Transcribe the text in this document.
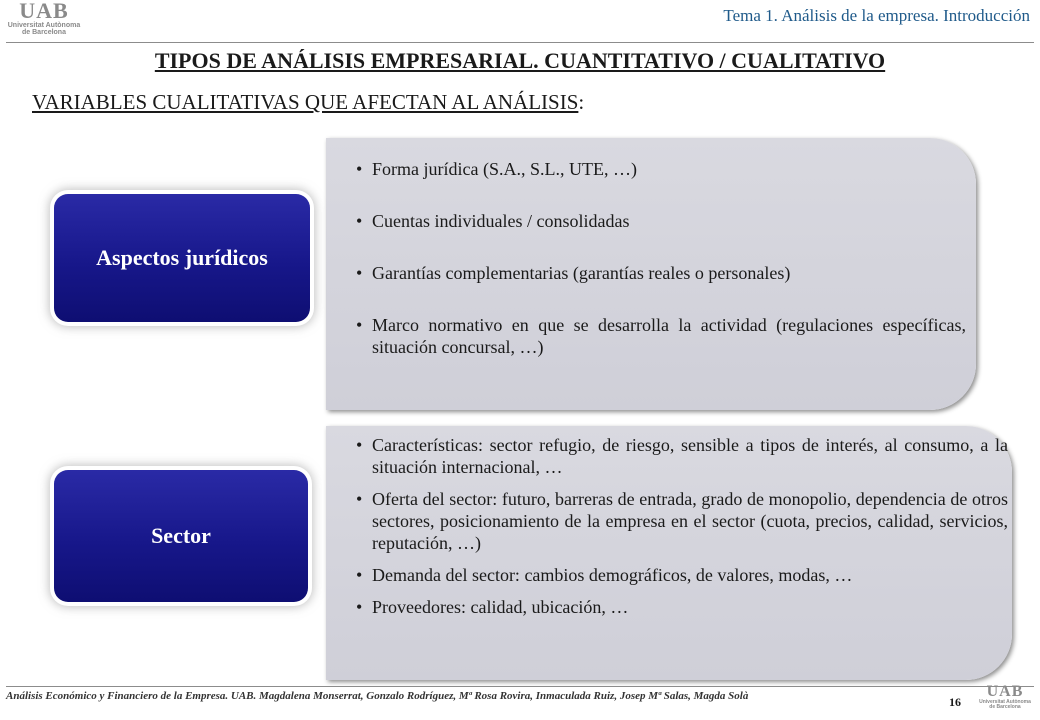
UAB
Universitat Autònoma
de Barcelona
Tema 1. Análisis de la empresa. Introducción
TIPOS DE ANÁLISIS EMPRESARIAL. CUANTITATIVO / CUALITATIVO
VARIABLES CUALITATIVAS QUE AFECTAN AL ANÁLISIS:
• Forma jurídica (S.A., S.L., UTE, …)
• Cuentas individuales / consolidadas
• Garantías complementarias (garantías reales o personales)
• Marco normativo en que se desarrolla la actividad (regulaciones específicas, situación concursal, …)
Aspectos jurídicos
• Características: sector refugio, de riesgo, sensible a tipos de interés, al consumo, a la situación internacional, …
• Oferta del sector: futuro, barreras de entrada, grado de monopolio, dependencia de otros sectores, posicionamiento de la empresa en el sector (cuota, precios, calidad, servicios, reputación, …)
• Demanda del sector: cambios demográficos, de valores, modas, …
• Proveedores: calidad, ubicación, …
Sector
Análisis Económico y Financiero de la Empresa. UAB. Magdalena Monserrat, Gonzalo Rodríguez, Mª Rosa Rovira, Inmaculada Ruiz, Josep Mª Salas, Magda Solà	16
UAB
Universitat Autònoma
de Barcelona
